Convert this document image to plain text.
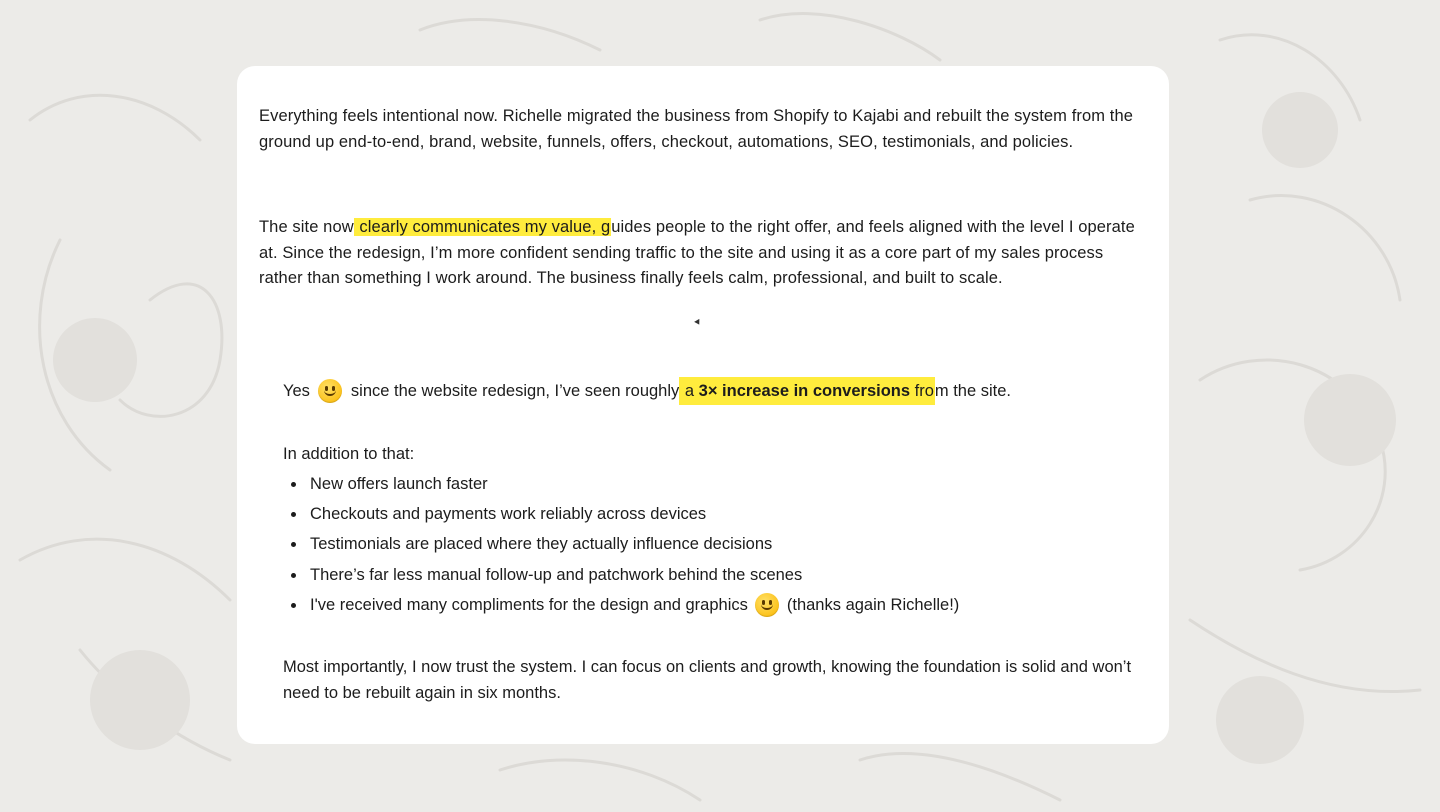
Everything feels intentional now. Richelle migrated the business from Shopify to Kajabi and rebuilt the system from the ground up end-to-end, brand, website, funnels, offers, checkout, automations, SEO, testimonials, and policies.

The site now clearly communicates my value, guides people to the right offer, and feels aligned with the level I operate at. Since the redesign, I’m more confident sending traffic to the site and using it as a core part of my sales process rather than something I work around. The business finally feels calm, professional, and built to scale.

Yes since the website redesign, I’ve seen roughly a 3× increase in conversions fro m the site.
In addition to that:
New offers launch faster
Checkouts and payments work reliably across devices
Testimonials are placed where they actually influence decisions
There’s far less manual follow-up and patchwork behind the scenes
I've received many compliments for the design and graphics (thanks again Richelle!)

Most importantly, I now trust the system. I can focus on clients and growth, knowing the foundation is solid and won’t need to be rebuilt again in six months.
